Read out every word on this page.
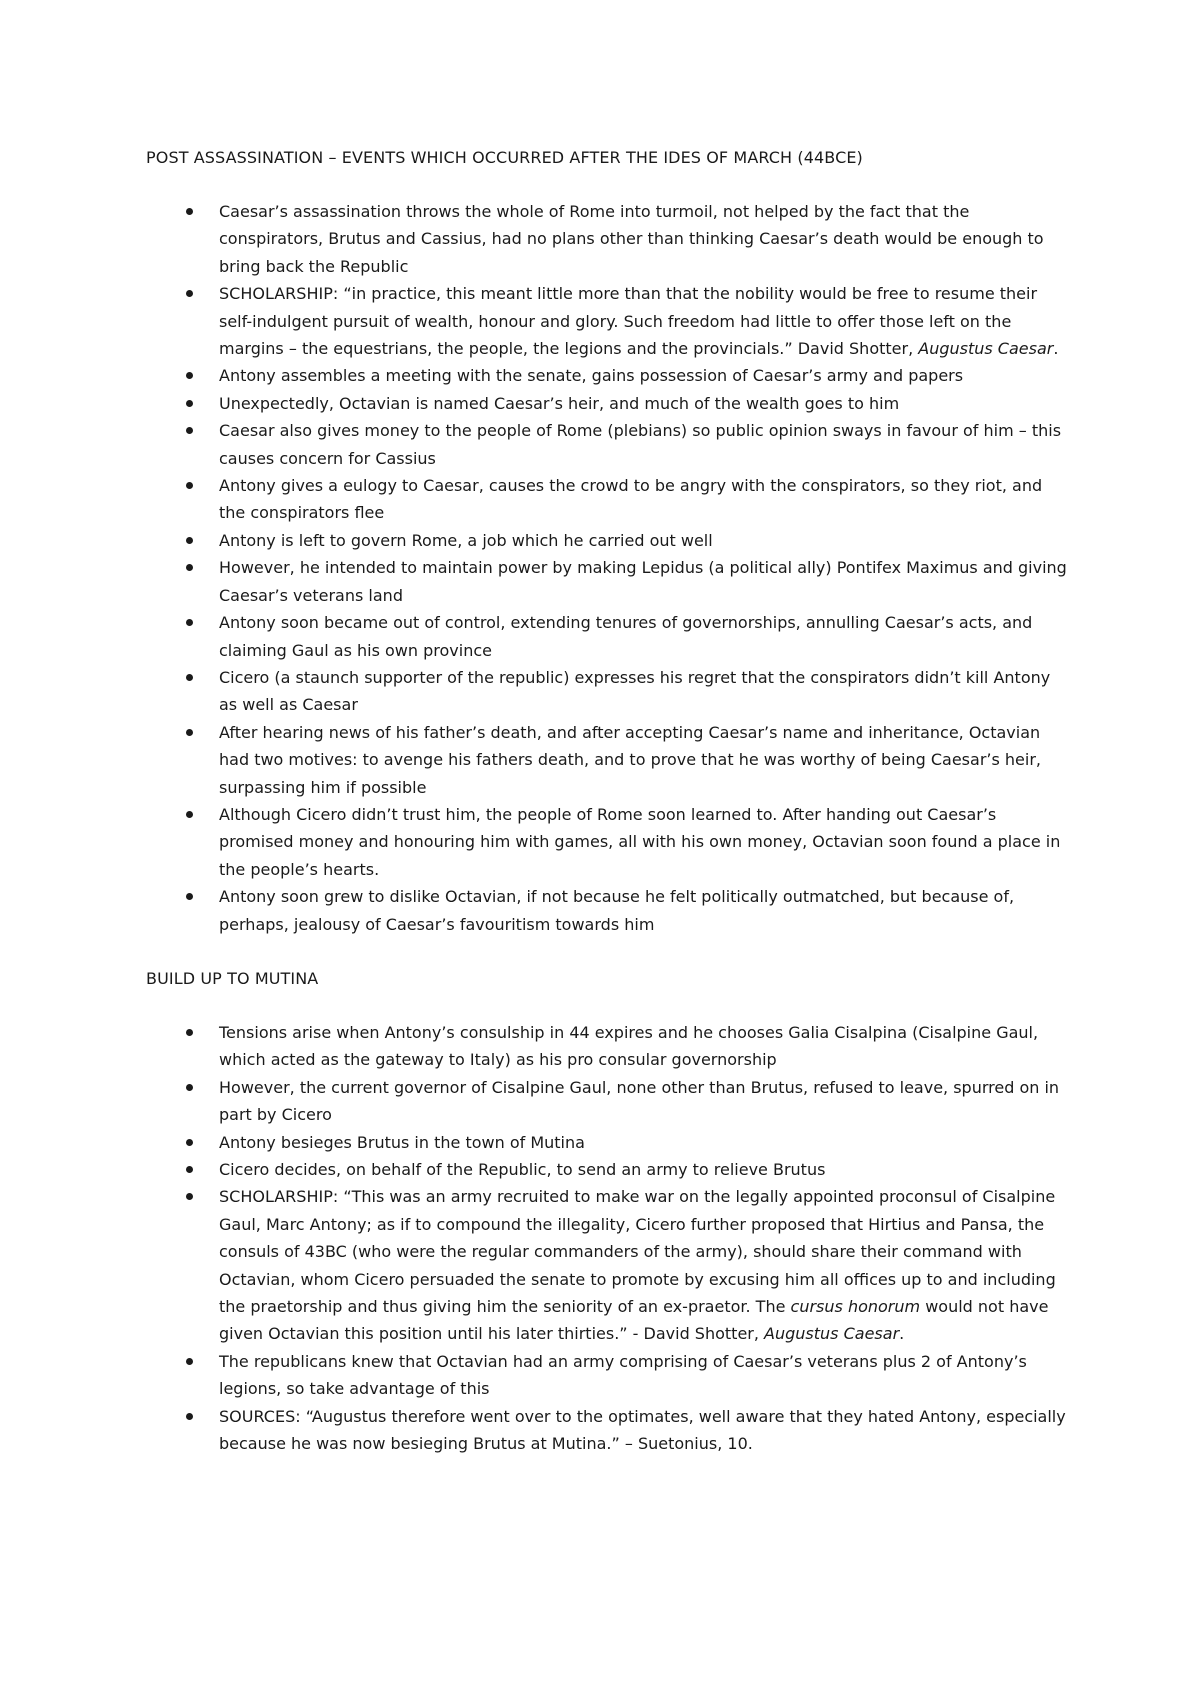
POST ASSASSINATION – EVENTS WHICH OCCURRED AFTER THE IDES OF MARCH (44BCE)

Caesar’s assassination throws the whole of Rome into turmoil, not helped by the fact that the conspirators, Brutus and Cassius, had no plans other than thinking Caesar’s death would be enough to bring back the Republic
SCHOLARSHIP: “in practice, this meant little more than that the nobility would be free to resume their self-indulgent pursuit of wealth, honour and glory. Such freedom had little to offer those left on the margins – the equestrians, the people, the legions and the provincials.” David Shotter, Augustus Caesar.
Antony assembles a meeting with the senate, gains possession of Caesar’s army and papers
Unexpectedly, Octavian is named Caesar’s heir, and much of the wealth goes to him
Caesar also gives money to the people of Rome (plebians) so public opinion sways in favour of him – this causes concern for Cassius
Antony gives a eulogy to Caesar, causes the crowd to be angry with the conspirators, so they riot, and the conspirators flee
Antony is left to govern Rome, a job which he carried out well
However, he intended to maintain power by making Lepidus (a political ally) Pontifex Maximus and giving Caesar’s veterans land
Antony soon became out of control, extending tenures of governorships, annulling Caesar’s acts, and claiming Gaul as his own province
Cicero (a staunch supporter of the republic) expresses his regret that the conspirators didn’t kill Antony as well as Caesar
After hearing news of his father’s death, and after accepting Caesar’s name and inheritance, Octavian had two motives: to avenge his fathers death, and to prove that he was worthy of being Caesar’s heir, surpassing him if possible
Although Cicero didn’t trust him, the people of Rome soon learned to. After handing out Caesar’s promised money and honouring him with games, all with his own money, Octavian soon found a place in the people’s hearts.
Antony soon grew to dislike Octavian, if not because he felt politically outmatched, but because of, perhaps, jealousy of Caesar’s favouritism towards him

BUILD UP TO MUTINA

Tensions arise when Antony’s consulship in 44 expires and he chooses Galia Cisalpina (Cisalpine Gaul, which acted as the gateway to Italy) as his pro consular governorship
However, the current governor of Cisalpine Gaul, none other than Brutus, refused to leave, spurred on in part by Cicero
Antony besieges Brutus in the town of Mutina
Cicero decides, on behalf of the Republic, to send an army to relieve Brutus
SCHOLARSHIP: “This was an army recruited to make war on the legally appointed proconsul of Cisalpine Gaul, Marc Antony; as if to compound the illegality, Cicero further proposed that Hirtius and Pansa, the consuls of 43BC (who were the regular commanders of the army), should share their command with Octavian, whom Cicero persuaded the senate to promote by excusing him all offices up to and including the praetorship and thus giving him the seniority of an ex-praetor. The cursus honorum would not have given Octavian this position until his later thirties.” - David Shotter, Augustus Caesar.
The republicans knew that Octavian had an army comprising of Caesar’s veterans plus 2 of Antony’s legions, so take advantage of this
SOURCES: “Augustus therefore went over to the optimates, well aware that they hated Antony, especially because he was now besieging Brutus at Mutina.” – Suetonius, 10.
